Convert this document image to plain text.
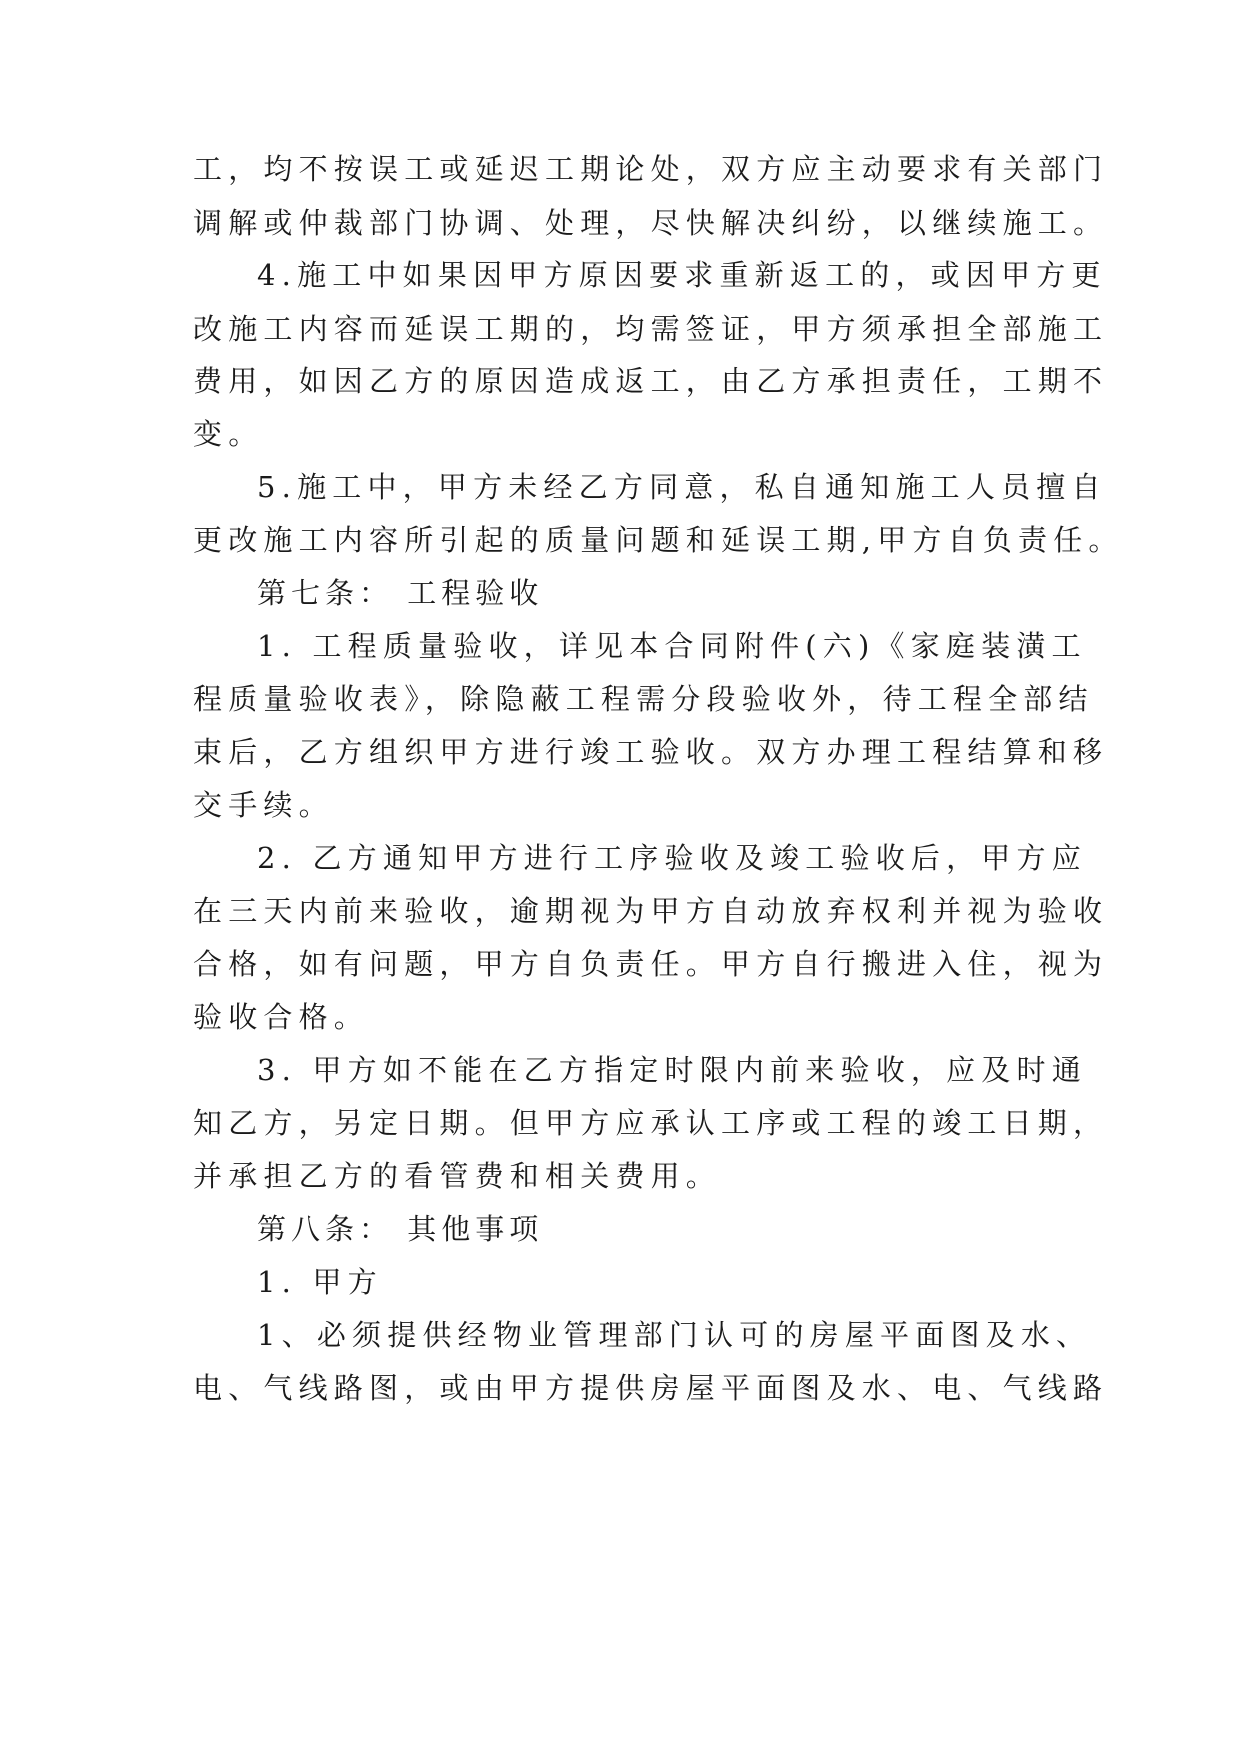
工，均不按误工或延迟工期论处，双方应主动要求有关部门
调解或仲裁部门协调、处理，尽快解决纠纷，以继续施工。
4.施工中如果因甲方原因要求重新返工的，或因甲方更
改施工内容而延误工期的，均需签证，甲方须承担全部施工
费用，如因乙方的原因造成返工，由乙方承担责任，工期不
变。
5.施工中，甲方未经乙方同意，私自通知施工人员擅自
更改施工内容所引起的质量问题和延误工期,甲方自负责任。
第七条： 工程验收
1. 工程质量验收，详见本合同附件(六)《家庭装潢工
程质量验收表》，除隐蔽工程需分段验收外，待工程全部结
束后，乙方组织甲方进行竣工验收。双方办理工程结算和移
交手续。
2. 乙方通知甲方进行工序验收及竣工验收后，甲方应
在三天内前来验收，逾期视为甲方自动放弃权利并视为验收
合格，如有问题，甲方自负责任。甲方自行搬进入住，视为
验收合格。
3. 甲方如不能在乙方指定时限内前来验收，应及时通
知乙方，另定日期。但甲方应承认工序或工程的竣工日期，
并承担乙方的看管费和相关费用。
第八条： 其他事项
1. 甲方
1、必须提供经物业管理部门认可的房屋平面图及水、
电、气线路图，或由甲方提供房屋平面图及水、电、气线路
